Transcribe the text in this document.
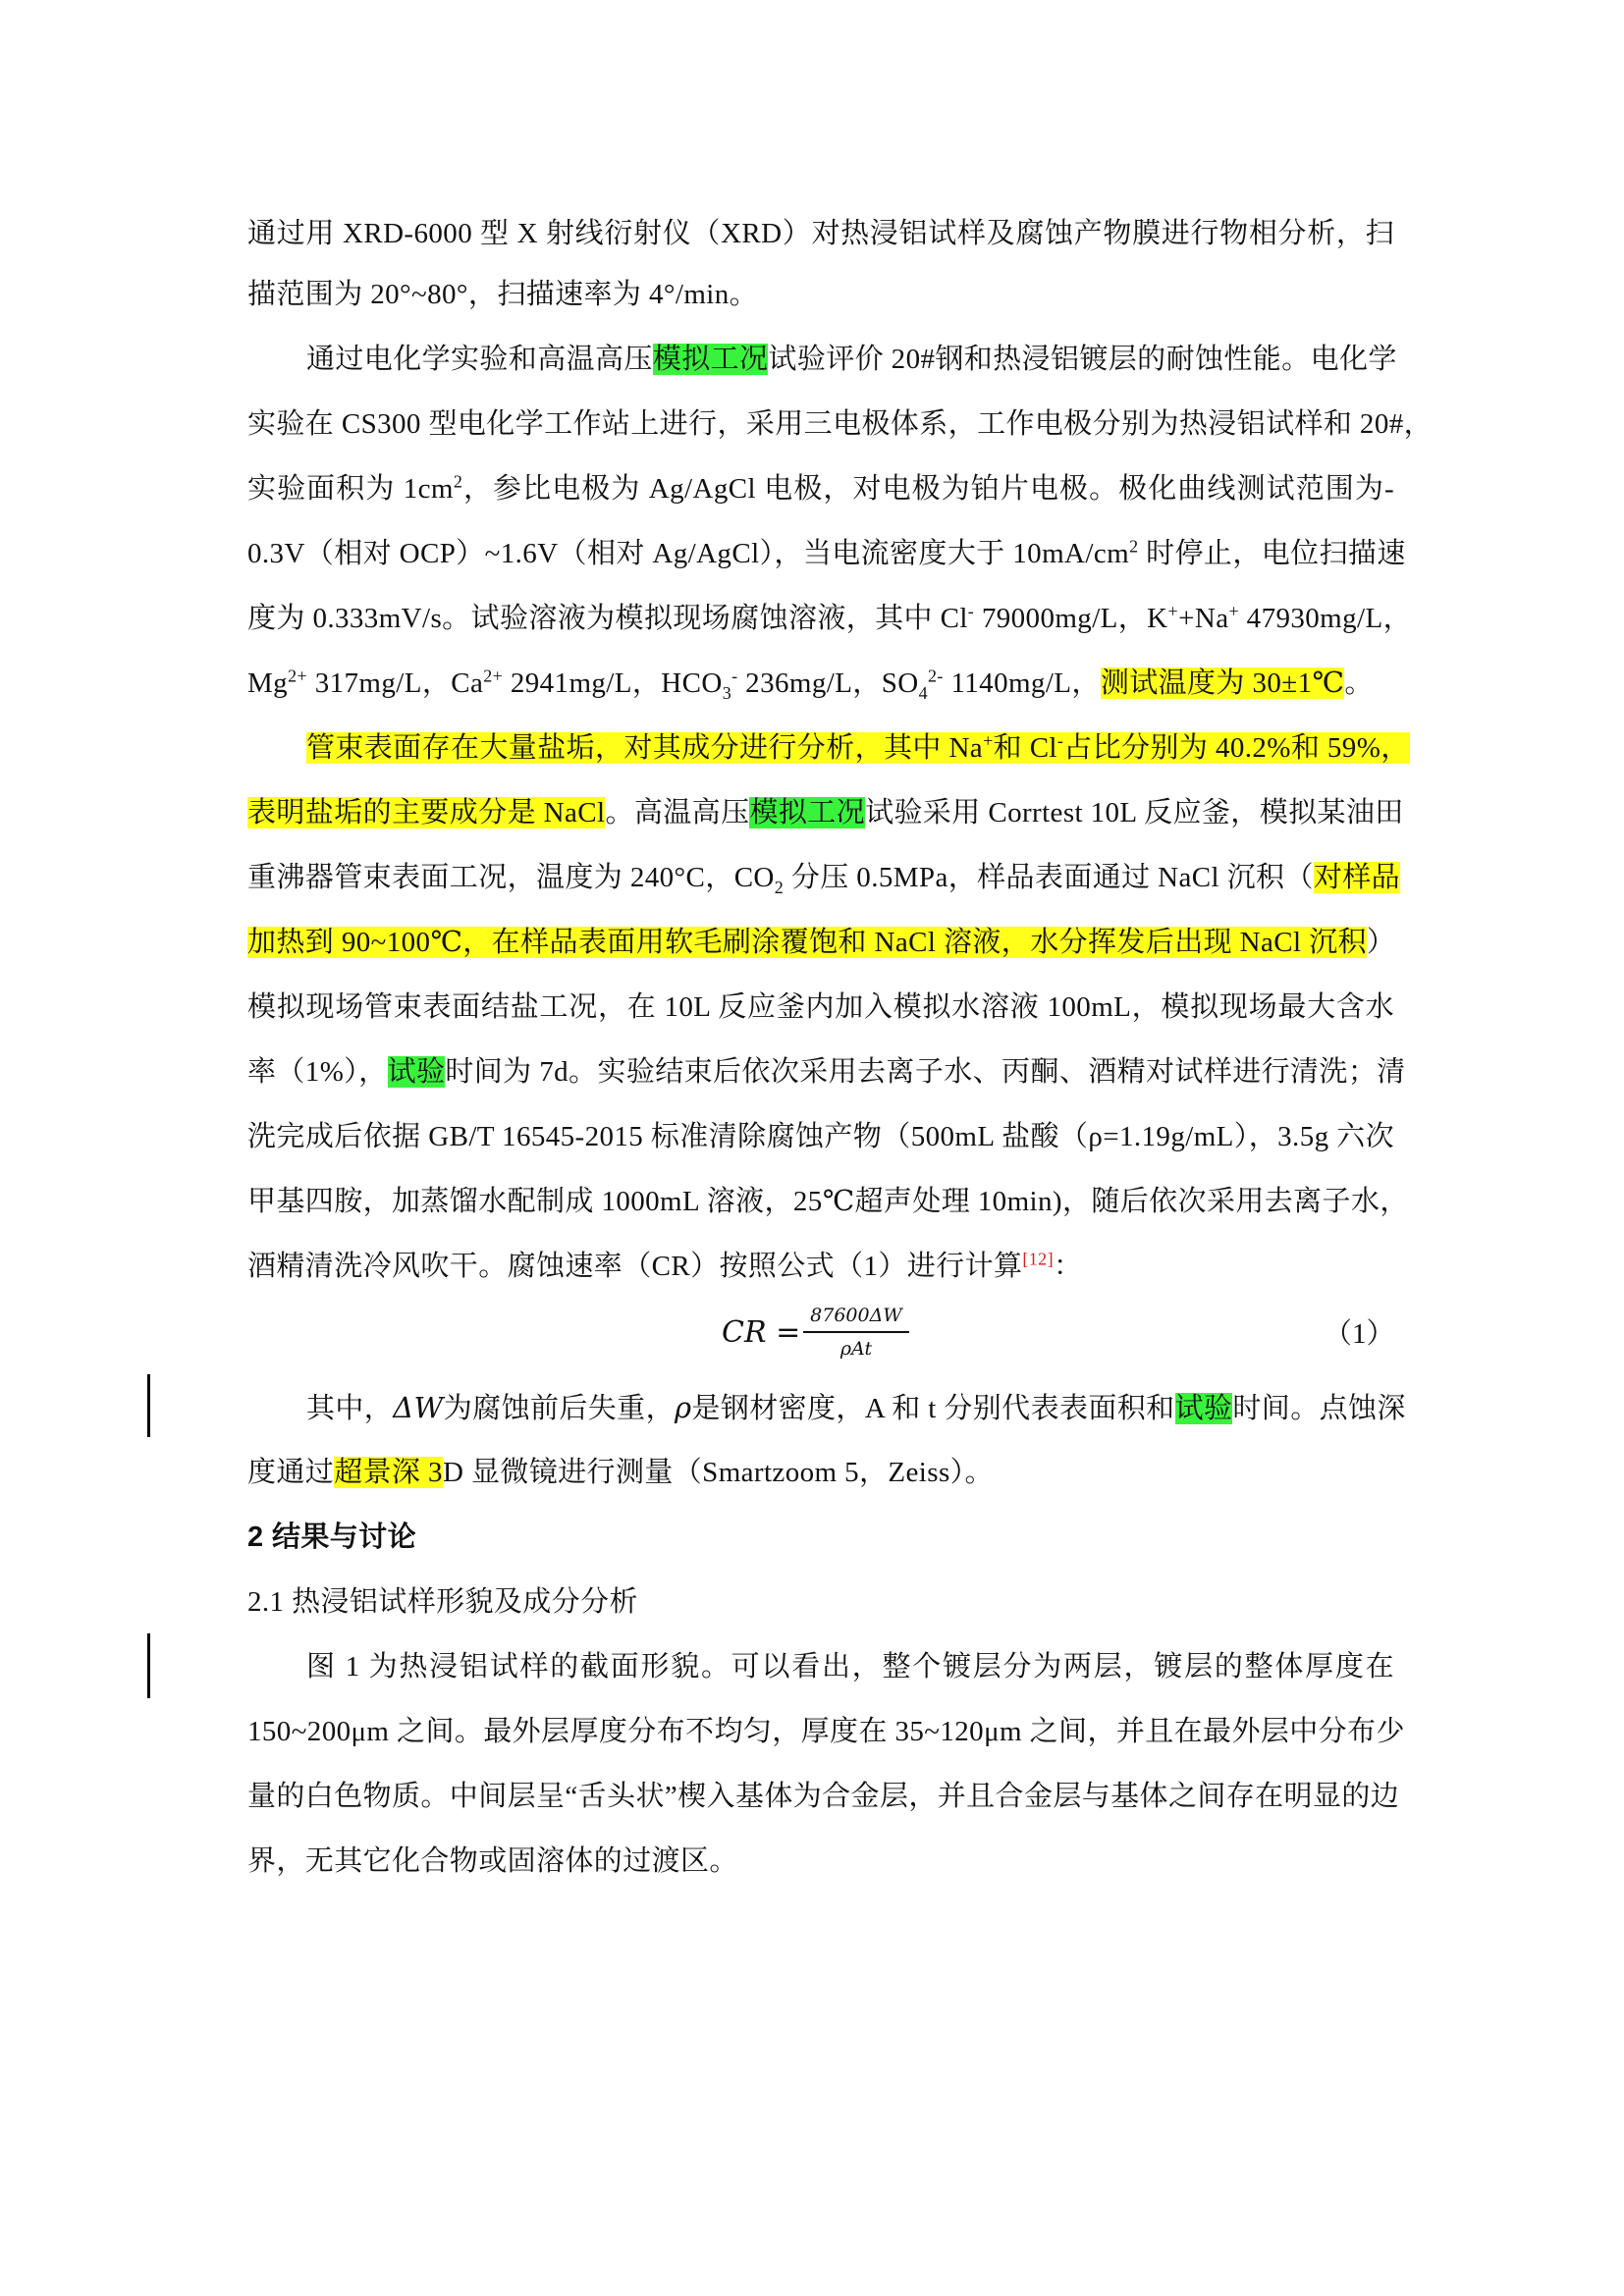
通过用 XRD-6000 型 X 射线衍射仪（XRD）对热浸铝试样及腐蚀产物膜进行物相分析，扫
描范围为 20°~80°，扫描速率为 4°/min。
通过电化学实验和高温高压模拟工况试验评价 20#钢和热浸铝镀层的耐蚀性能。电化学
实验在 CS300 型电化学工作站上进行，采用三电极体系，工作电极分别为热浸铝试样和 20#，
实验面积为 $1cm^2$，参比电极为 Ag/AgCl 电极，对电极为铂片电极。极化曲线测试范围为-
0.3V（相对 OCP）~1.6V（相对 Ag/AgCl），当电流密度大于 $10mA/cm^2$ 时停止，电位扫描速
度为 0.333mV/s。试验溶液为模拟现场腐蚀溶液，其中 Cl- 79000mg/L，K++Na+ 47930mg/L，
$Mg^{2+}$ 317mg/L，$Ca^{2+}$ 2941mg/L，$HCO_3^-$ 236mg/L，$SO_4^{2-}$ 1140mg/L，测试温度为 30±1℃。
管束表面存在大量盐垢，对其成分进行分析，其中 Na+和 Cl-占比分别为 40.2%和 59%，
表明盐垢的主要成分是 NaCl。高温高压模拟工况试验采用 Corrtest 10L 反应釜，模拟某油田
重沸器管束表面工况，温度为 240°C，$CO_2$ 分压 0.5MPa，样品表面通过 NaCl 沉积（对样品
加热到 90~100℃，在样品表面用软毛刷涂覆饱和 NaCl 溶液，水分挥发后出现 NaCl 沉积）
模拟现场管束表面结盐工况，在 10L 反应釜内加入模拟水溶液 100mL，模拟现场最大含水
率（1%），试验时间为 7d。实验结束后依次采用去离子水、丙酮、酒精对试样进行清洗；清
洗完成后依据 GB/T 16545-2015 标准清除腐蚀产物（500mL 盐酸（ρ=1.19g/mL），3.5g 六次
甲基四胺，加蒸馏水配制成 1000mL 溶液，25℃超声处理 10min)，随后依次采用去离子水，
酒精清洗冷风吹干。腐蚀速率（CR）按照公式（1）进行计算[12]：
CR = 87600ΔW
ρAt	（1）
其中，ΔW为腐蚀前后失重，ρ是钢材密度，A 和 t 分别代表表面积和试验时间。点蚀深
度通过超景深 3D 显微镜进行测量（Smartzoom 5，Zeiss）。
2 结果与讨论
2.1 热浸铝试样形貌及成分分析
图 1 为热浸铝试样的截面形貌。可以看出，整个镀层分为两层，镀层的整体厚度在
150~200μm 之间。最外层厚度分布不均匀，厚度在 35~120μm 之间，并且在最外层中分布少
量的白色物质。中间层呈“舌头状”楔入基体为合金层，并且合金层与基体之间存在明显的边
界，无其它化合物或固溶体的过渡区。
